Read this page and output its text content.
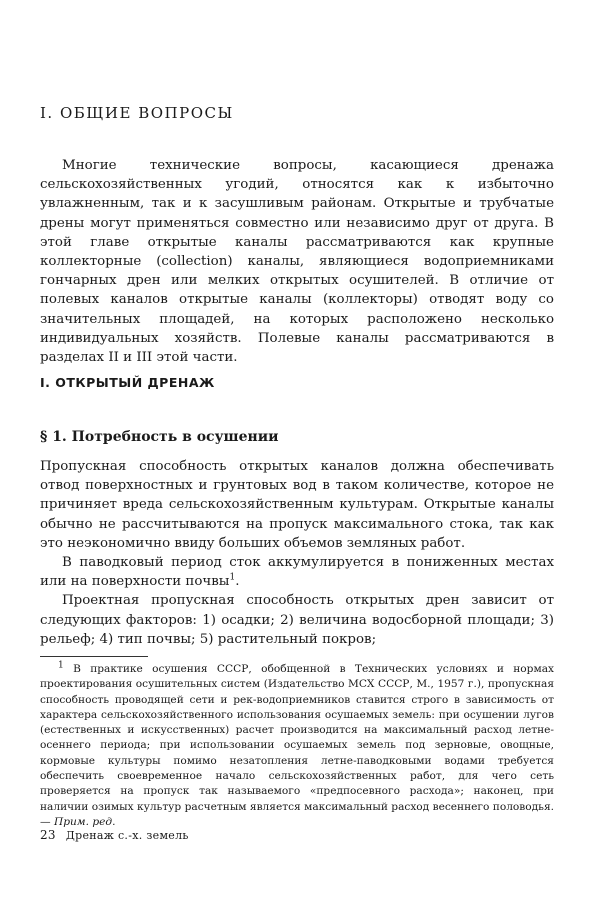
I. ОБЩИЕ ВОПРОСЫ

Многие технические вопросы, касающиеся дренажа сельскохозяйственных угодий, относятся как к избыточно увлажненным, так и к засушливым районам. Открытые и трубчатые дрены могут применяться совместно или независимо друг от друга. В этой главе открытые каналы рассматриваются как крупные коллекторные (collection) каналы, являющиеся водоприемниками гончарных дрен или мелких открытых осушителей. В отличие от полевых каналов открытые каналы (коллекторы) отводят воду со значительных площадей, на которых расположено несколько индивидуальных хозяйств. Полевые каналы рассматриваются в разделах II и III этой части.

I. ОТКРЫТЫЙ ДРЕНАЖ
§ 1. Потребность в осушении

Пропускная способность открытых каналов должна обеспечивать отвод поверхностных и грунтовых вод в таком количестве, которое не причиняет вреда сельскохозяйственным культурам. Открытые каналы обычно не рассчитываются на пропуск максимального стока, так как это неэкономично ввиду больших объемов земляных работ.

В паводковый период сток аккумулируется в пониженных местах или на поверхности почвы$^1$.

Проектная пропускная способность открытых дрен зависит от следующих факторов: 1) осадки; 2) величина водосборной площади; 3) рельеф; 4) тип почвы; 5) растительный покров;

$^1$ В практике осушения СССР, обобщенной в Технических условиях и нормах проектирования осушительных систем (Издательство МСХ СССР, М., 1957 г.), пропускная способность проводящей сети и рек-водоприемников ставится строго в зависимость от характера сельскохозяйственного использования осушаемых земель: при осушении лугов (естественных и искусственных) расчет производится на максимальный расход летне-осеннего периода; при использовании осушаемых земель под зерновые, овощные, кормовые культуры помимо незатопления летне-паводковыми водами требуется обеспечить своевременное начало сельскохозяйственных работ, для чего сеть проверяется на пропуск так называемого «предпосевного расхода»; наконец, при наличии озимых культур расчетным является максимальный расход весеннего половодья.— Прим. ред.

23 Дренаж с.-х. земель
